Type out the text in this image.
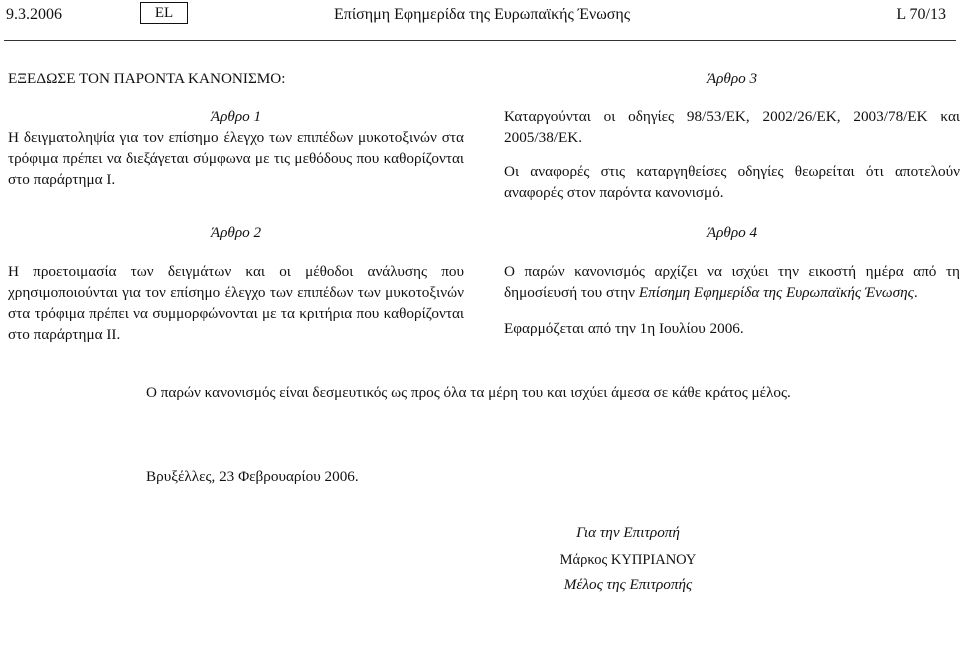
9.3.2006	EL	Επίσημη Εφημερίδα της Ευρωπαϊκής Ένωσης	L 70/13

ΕΞΕΔΩΣΕ ΤΟΝ ΠΑΡΟΝΤΑ ΚΑΝΟΝΙΣΜΟ:

Άρθρο 1

Η δειγματοληψία για τον επίσημο έλεγχο των επιπέδων μυκοτοξινών στα τρόφιμα πρέπει να διεξάγεται σύμφωνα με τις μεθόδους που καθορίζονται στο παράρτημα I.

Άρθρο 2

Η προετοιμασία των δειγμάτων και οι μέθοδοι ανάλυσης που χρησιμοποιούνται για τον επίσημο έλεγχο των επιπέδων των μυκοτοξινών στα τρόφιμα πρέπει να συμμορφώνονται με τα κριτήρια που καθορίζονται στο παράρτημα II.

Άρθρο 3

Καταργούνται οι οδηγίες 98/53/ΕΚ, 2002/26/ΕΚ, 2003/78/ΕΚ και 2005/38/ΕΚ.

Οι αναφορές στις καταργηθείσες οδηγίες θεωρείται ότι αποτελούν αναφορές στον παρόντα κανονισμό.

Άρθρο 4

Ο παρών κανονισμός αρχίζει να ισχύει την εικοστή ημέρα από τη δημοσίευσή του στην Επίσημη Εφημερίδα της Ευρωπαϊκής Ένωσης.

Εφαρμόζεται από την 1η Ιουλίου 2006.

Ο παρών κανονισμός είναι δεσμευτικός ως προς όλα τα μέρη του και ισχύει άμεσα σε κάθε κράτος μέλος.

Βρυξέλλες, 23 Φεβρουαρίου 2006.

Για την Επιτροπή

Μάρκος ΚΥΠΡΙΑΝΟΥ

Μέλος της Επιτροπής
